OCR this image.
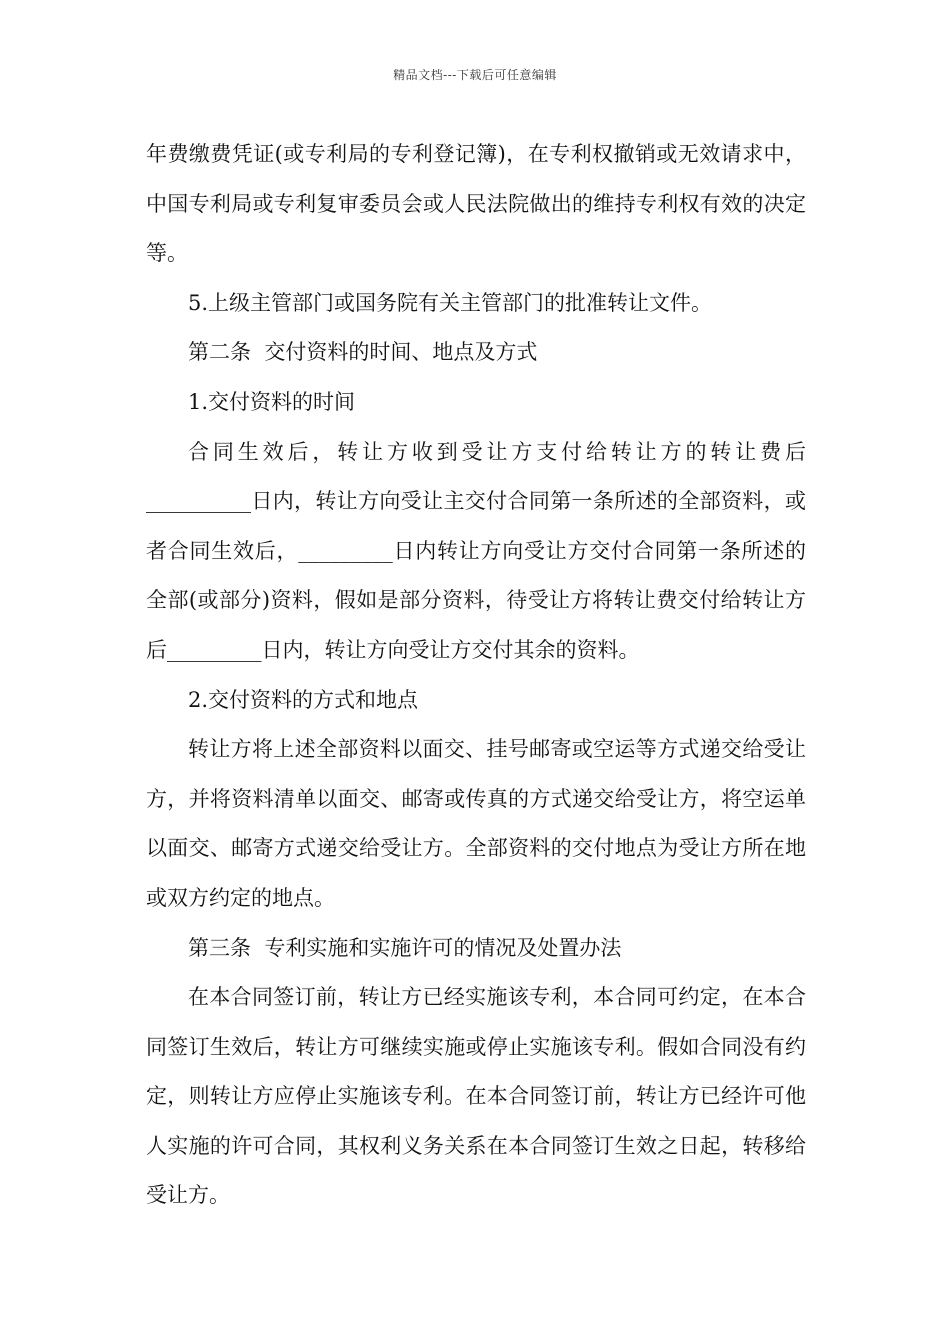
精品文档---下载后可任意编辑

年费缴费凭证(或专利局的专利登记簿)，在专利权撤销或无效请求中，中国专利局或专利复审委员会或人民法院做出的维持专利权有效的决定等。

5.上级主管部门或国务院有关主管部门的批准转让文件。

第二条  交付资料的时间、地点及方式

1.交付资料的时间

合同生效后，转让方收到受让方支付给转让方的转让费后__________日内，转让方向受让主交付合同第一条所述的全部资料，或者合同生效后，_________日内转让方向受让方交付合同第一条所述的全部(或部分)资料，假如是部分资料，待受让方将转让费交付给转让方后_________日内，转让方向受让方交付其余的资料。

2.交付资料的方式和地点

转让方将上述全部资料以面交、挂号邮寄或空运等方式递交给受让方，并将资料清单以面交、邮寄或传真的方式递交给受让方，将空运单以面交、邮寄方式递交给受让方。全部资料的交付地点为受让方所在地或双方约定的地点。

第三条  专利实施和实施许可的情况及处置办法

在本合同签订前，转让方已经实施该专利，本合同可约定，在本合同签订生效后，转让方可继续实施或停止实施该专利。假如合同没有约定，则转让方应停止实施该专利。在本合同签订前，转让方已经许可他人实施的许可合同，其权利义务关系在本合同签订生效之日起，转移给受让方。
